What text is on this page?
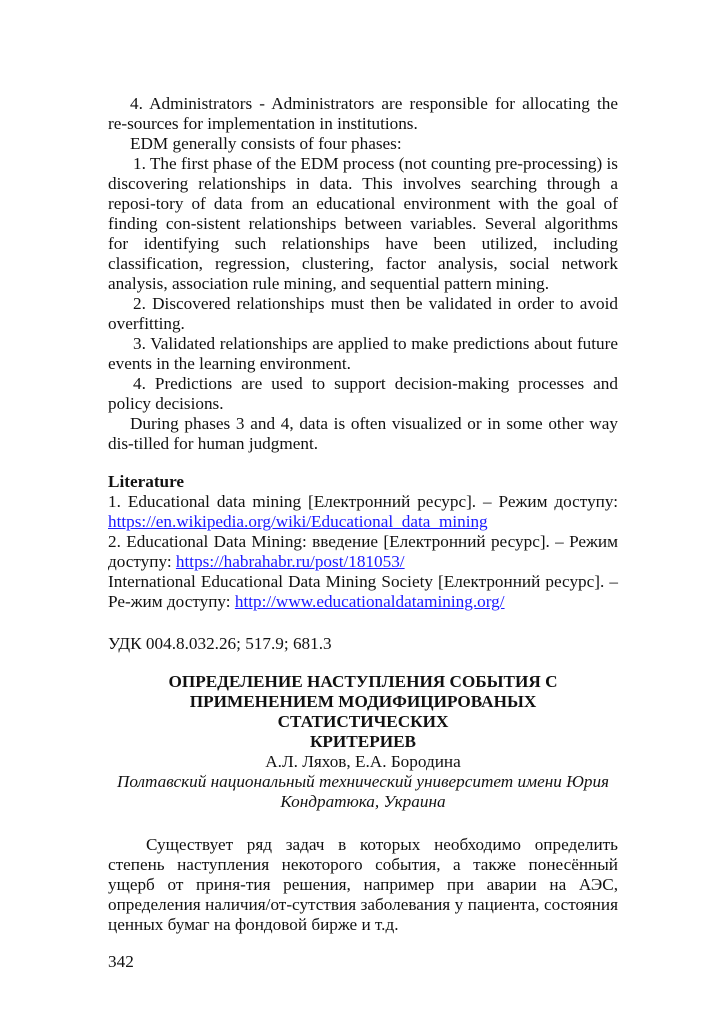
4. Administrators - Administrators are responsible for allocating the re-sources for implementation in institutions.

EDM generally consists of four phases:

1. The first phase of the EDM process (not counting pre-processing) is discovering relationships in data. This involves searching through a reposi-tory of data from an educational environment with the goal of finding con-sistent relationships between variables. Several algorithms for identifying such relationships have been utilized, including classification, regression, clustering, factor analysis, social network analysis, association rule mining, and sequential pattern mining.

2. Discovered relationships must then be validated in order to avoid overfitting.

3. Validated relationships are applied to make predictions about future events in the learning environment.

4. Predictions are used to support decision-making processes and policy decisions.

During phases 3 and 4, data is often visualized or in some other way dis-tilled for human judgment.

Literature

1. Educational data mining [Електронний ресурс]. – Режим доступу: https://en.wikipedia.org/wiki/Educational_data_mining

2. Educational Data Mining: введение [Електронний ресурс]. – Режим доступу: https://habrahabr.ru/post/181053/

International Educational Data Mining Society [Електронний ресурс]. – Ре-жим доступу: http://www.educationaldatamining.org/

УДК 004.8.032.26; 517.9; 681.3
ОПРЕДЕЛЕНИЕ НАСТУПЛЕНИЯ СОБЫТИЯ С
ПРИМЕНЕНИЕМ МОДИФИЦИРОВАНЫХ СТАТИСТИЧЕСКИХ
КРИТЕРИЕВ
А.Л. Ляхов, Е.А. Бородина
Полтавский национальный технический университет имени Юрия
Кондратюка, Украина

Существует ряд задач в которых необходимо определить степень наступления некоторого события, а также понесённый ущерб от приня-тия решения, например при аварии на АЭС, определения наличия/от-сутствия заболевания у пациента, состояния ценных бумаг на фондовой бирже и т.д.

342
